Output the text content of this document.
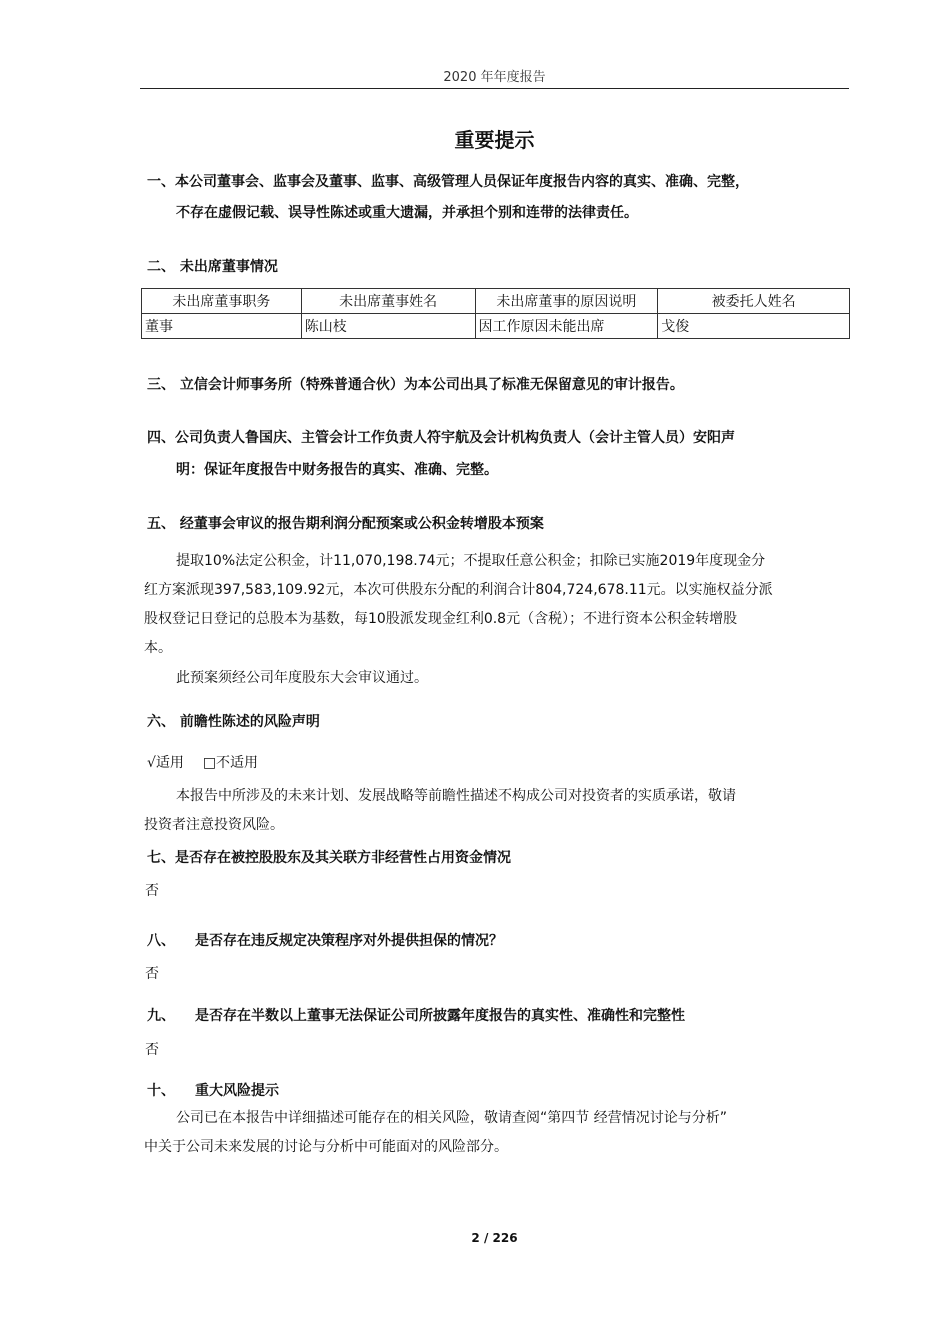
2020 年年度报告
重要提示
一、本公司董事会、监事会及董事、监事、高级管理人员保证年度报告内容的真实、准确、完整，
不存在虚假记载、误导性陈述或重大遗漏，并承担个别和连带的法律责任。
二、 未出席董事情况
未出席董事职务	未出席董事姓名	未出席董事的原因说明	被委托人姓名
董事	陈山枝	因工作原因未能出席	戈俊
三、 立信会计师事务所（特殊普通合伙）为本公司出具了标准无保留意见的审计报告。
四、公司负责人鲁国庆、主管会计工作负责人符宇航及会计机构负责人（会计主管人员）安阳声
明：保证年度报告中财务报告的真实、准确、完整。
五、 经董事会审议的报告期利润分配预案或公积金转增股本预案
提取10%法定公积金，计11,070,198.74元；不提取任意公积金；扣除已实施2019年度现金分
红方案派现397,583,109.92元，本次可供股东分配的利润合计804,724,678.11元。以实施权益分派
股权登记日登记的总股本为基数，每10股派发现金红利0.8元（含税）；不进行资本公积金转增股
本。
此预案须经公司年度股东大会审议通过。
六、 前瞻性陈述的风险声明
√适用 □不适用
本报告中所涉及的未来计划、发展战略等前瞻性描述不构成公司对投资者的实质承诺，敬请
投资者注意投资风险。
七、是否存在被控股股东及其关联方非经营性占用资金情况
否
八、 是否存在违反规定决策程序对外提供担保的情况？
否
九、 是否存在半数以上董事无法保证公司所披露年度报告的真实性、准确性和完整性
否
十、 重大风险提示
公司已在本报告中详细描述可能存在的相关风险，敬请查阅“第四节 经营情况讨论与分析”
中关于公司未来发展的讨论与分析中可能面对的风险部分。
2 / 226
